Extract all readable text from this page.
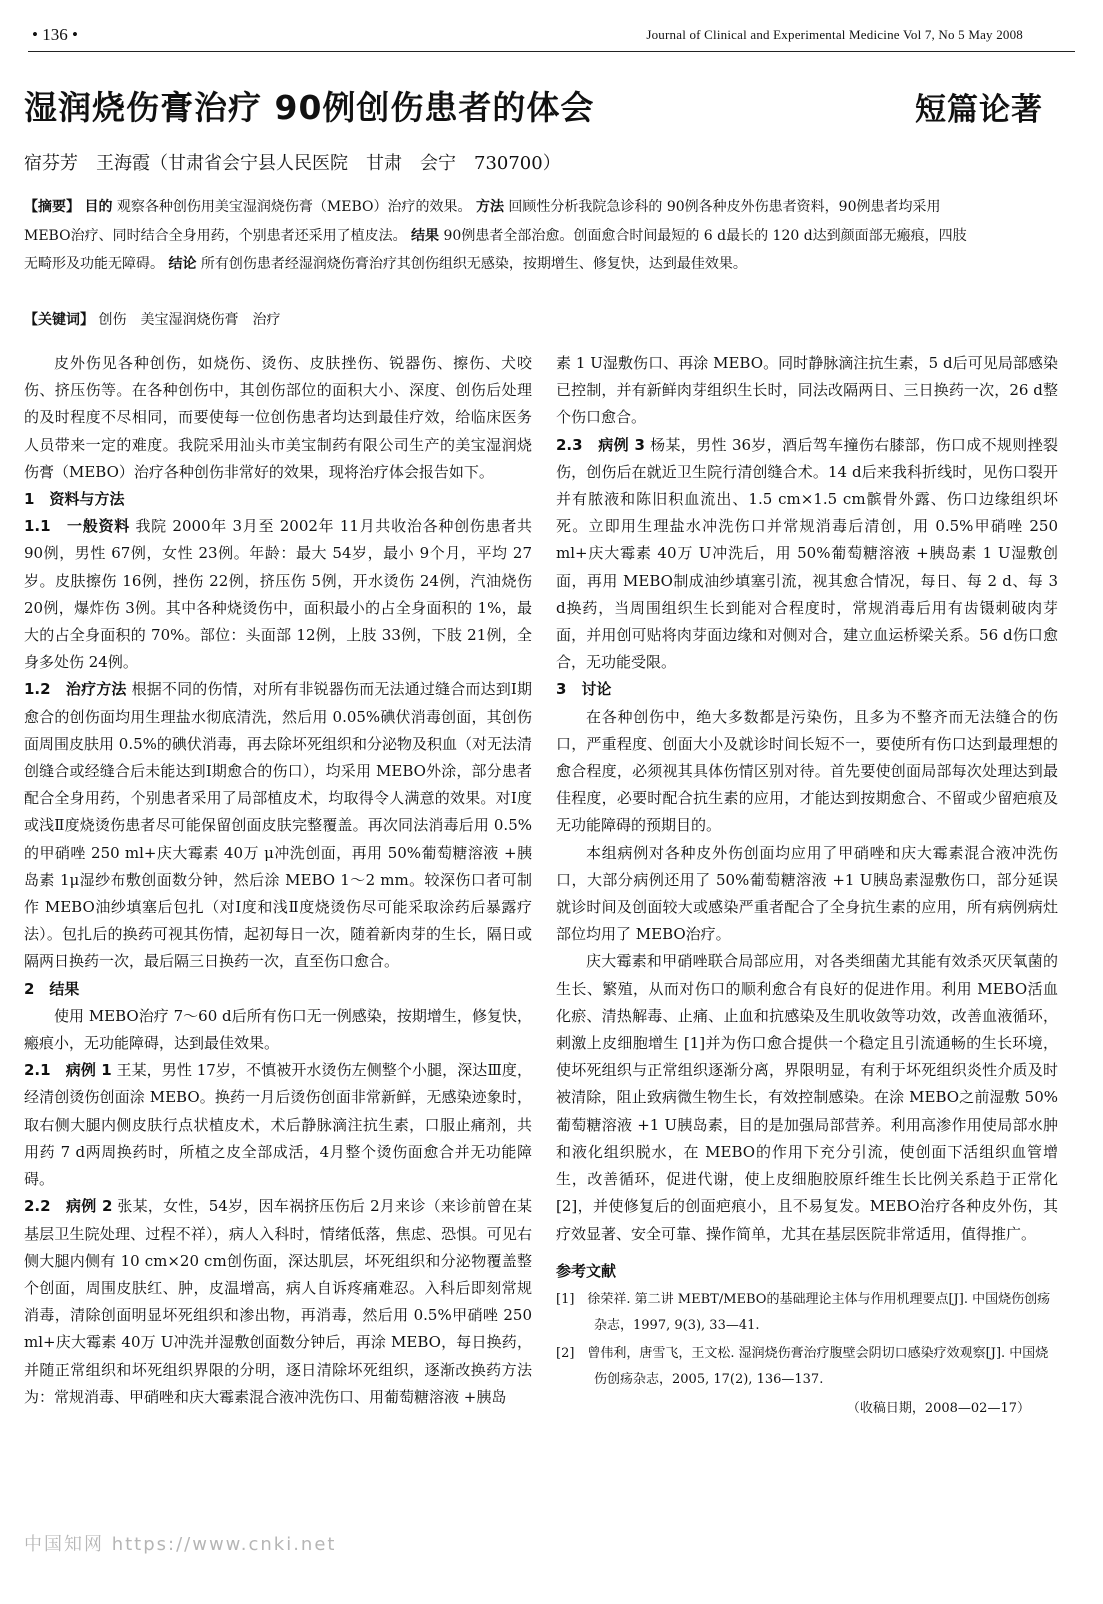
• 136 •	Journal of Clinical and Experimental Medicine Vol 7, No 5 May 2008
湿润烧伤膏治疗 90例创伤患者的体会	短篇论著
宿芬芳　王海霞（甘肃省会宁县人民医院　甘肃　会宁　730700）
【摘要】 目的 观察各种创伤用美宝湿润烧伤膏（MEBO）治疗的效果。 方法 回顾性分析我院急诊科的 90例各种皮外伤患者资料，90例患者均采用 MEBO治疗、同时结合全身用药，个别患者还采用了植皮法。 结果 90例患者全部治愈。创面愈合时间最短的 6 d最长的 120 d达到颜面部无瘢痕，四肢无畸形及功能无障碍。 结论 所有创伤患者经湿润烧伤膏治疗其创伤组织无感染，按期增生、修复快，达到最佳效果。
【关键词】 创伤　美宝湿润烧伤膏　治疗

皮外伤见各种创伤，如烧伤、烫伤、皮肤挫伤、锐器伤、擦伤、犬咬伤、挤压伤等。在各种创伤中，其创伤部位的面积大小、深度、创伤后处理的及时程度不尽相同，而要使每一位创伤患者均达到最佳疗效，给临床医务人员带来一定的难度。我院采用汕头市美宝制药有限公司生产的美宝湿润烧伤膏（MEBO）治疗各种创伤非常好的效果，现将治疗体会报告如下。

1　资料与方法
1.1　一般资料 我院 2000年 3月至 2002年 11月共收治各种创伤患者共 90例，男性 67例，女性 23例。年龄：最大 54岁，最小 9个月，平均 27岁。皮肤擦伤 16例，挫伤 22例，挤压伤 5例，开水烫伤 24例，汽油烧伤 20例，爆炸伤 3例。其中各种烧烫伤中，面积最小的占全身面积的 1%，最大的占全身面积的 70%。部位：头面部 12例，上肢 33例，下肢 21例，全身多处伤 24例。
1.2　治疗方法 根据不同的伤情，对所有非锐器伤而无法通过缝合而达到Ⅰ期愈合的创伤面均用生理盐水彻底清洗，然后用 0.05%碘伏消毒创面，其创伤面周围皮肤用 0.5%的碘伏消毒，再去除坏死组织和分泌物及积血（对无法清创缝合或经缝合后未能达到Ⅰ期愈合的伤口），均采用 MEBO外涂，部分患者配合全身用药，个别患者采用了局部植皮术，均取得令人满意的效果。对Ⅰ度或浅Ⅱ度烧烫伤患者尽可能保留创面皮肤完整覆盖。再次同法消毒后用 0.5%的甲硝唑 250 ml+庆大霉素 40万 μ冲洗创面，再用 50%葡萄糖溶液 +胰岛素 1μ湿纱布敷创面数分钟，然后涂 MEBO 1～2 mm。较深伤口者可制作 MEBO油纱填塞后包扎（对Ⅰ度和浅Ⅱ度烧烫伤尽可能采取涂药后暴露疗法）。包扎后的换药可视其伤情，起初每日一次，随着新肉芽的生长，隔日或隔两日换药一次，最后隔三日换药一次，直至伤口愈合。
2　结果

使用 MEBO治疗 7～60 d后所有伤口无一例感染，按期增生，修复快，瘢痕小，无功能障碍，达到最佳效果。

2.1　病例 1 王某，男性 17岁，不慎被开水烫伤左侧整个小腿，深达Ⅲ度，经清创烫伤创面涂 MEBO。换药一月后烫伤创面非常新鲜，无感染迹象时，取右侧大腿内侧皮肤行点状植皮术，术后静脉滴注抗生素，口服止痛剂，共用药 7 d两周换药时，所植之皮全部成活，4月整个烫伤面愈合并无功能障碍。
2.2　病例 2 张某，女性，54岁，因车祸挤压伤后 2月来诊（来诊前曾在某基层卫生院处理、过程不祥），病人入科时，情绪低落，焦虑、恐惧。可见右侧大腿内侧有 10 cm×20 cm创伤面，深达肌层，坏死组织和分泌物覆盖整个创面，周围皮肤红、肿，皮温增高，病人自诉疼痛难忍。入科后即刻常规消毒，清除创面明显坏死组织和渗出物，再消毒，然后用 0.5%甲硝唑 250 ml+庆大霉素 40万 U冲洗并湿敷创面数分钟后，再涂 MEBO，每日换药，并随正常组织和坏死组织界限的分明，逐日清除坏死组织，逐渐改换药方法为：常规消毒、甲硝唑和庆大霉素混合液冲洗伤口、用葡萄糖溶液 +胰岛
素 1 U湿敷伤口、再涂 MEBO。同时静脉滴注抗生素，5 d后可见局部感染已控制，并有新鲜肉芽组织生长时，同法改隔两日、三日换药一次，26 d整个伤口愈合。
2.3　病例 3 杨某，男性 36岁，酒后驾车撞伤右膝部，伤口成不规则挫裂伤，创伤后在就近卫生院行清创缝合术。14 d后来我科折线时，见伤口裂开并有脓液和陈旧积血流出、1.5 cm×1.5 cm髌骨外露、伤口边缘组织坏死。立即用生理盐水冲洗伤口并常规消毒后清创，用 0.5%甲硝唑 250 ml+庆大霉素 40万 U冲洗后，用 50%葡萄糖溶液 +胰岛素 1 U湿敷创面，再用 MEBO制成油纱填塞引流，视其愈合情况，每日、每 2 d、每 3 d换药，当周围组织生长到能对合程度时，常规消毒后用有齿镊刺破肉芽面，并用创可贴将肉芽面边缘和对侧对合，建立血运桥梁关系。56 d伤口愈合，无功能受限。
3　讨论

在各种创伤中，绝大多数都是污染伤，且多为不整齐而无法缝合的伤口，严重程度、创面大小及就诊时间长短不一，要使所有伤口达到最理想的愈合程度，必须视其具体伤情区别对待。首先要使创面局部每次处理达到最佳程度，必要时配合抗生素的应用，才能达到按期愈合、不留或少留疤痕及无功能障碍的预期目的。

本组病例对各种皮外伤创面均应用了甲硝唑和庆大霉素混合液冲洗伤口，大部分病例还用了 50%葡萄糖溶液 +1 U胰岛素湿敷伤口，部分延误就诊时间及创面较大或感染严重者配合了全身抗生素的应用，所有病例病灶部位均用了 MEBO治疗。

庆大霉素和甲硝唑联合局部应用，对各类细菌尤其能有效杀灭厌氧菌的生长、繁殖，从而对伤口的顺利愈合有良好的促进作用。利用 MEBO活血化瘀、清热解毒、止痛、止血和抗感染及生肌收敛等功效，改善血液循环，刺激上皮细胞增生 [1]并为伤口愈合提供一个稳定且引流通畅的生长环境，使坏死组织与正常组织逐渐分离，界限明显，有利于坏死组织炎性介质及时被清除，阻止致病微生物生长，有效控制感染。在涂 MEBO之前湿敷 50%葡萄糖溶液 +1 U胰岛素，目的是加强局部营养。利用高渗作用使局部水肿和液化组织脱水，在 MEBO的作用下充分引流，使创面下活组织血管增生，改善循环，促进代谢，使上皮细胞胶原纤维生长比例关系趋于正常化 [2]，并使修复后的创面疤痕小，且不易复发。MEBO治疗各种皮外伤，其疗效显著、安全可靠、操作简单，尤其在基层医院非常适用，值得推广。

参考文献
[1]　徐荣祥. 第二讲 MEBT/MEBO的基础理论主体与作用机理要点[J]. 中国烧伤创疡杂志，1997, 9(3), 33—41.
[2]　曾伟利，唐雪飞，王文松. 湿润烧伤膏治疗腹壁会阴切口感染疗效观察[J]. 中国烧伤创疡杂志，2005, 17(2), 136—137.
（收稿日期，2008—02—17）
中国知网 https://www.cnki.net
